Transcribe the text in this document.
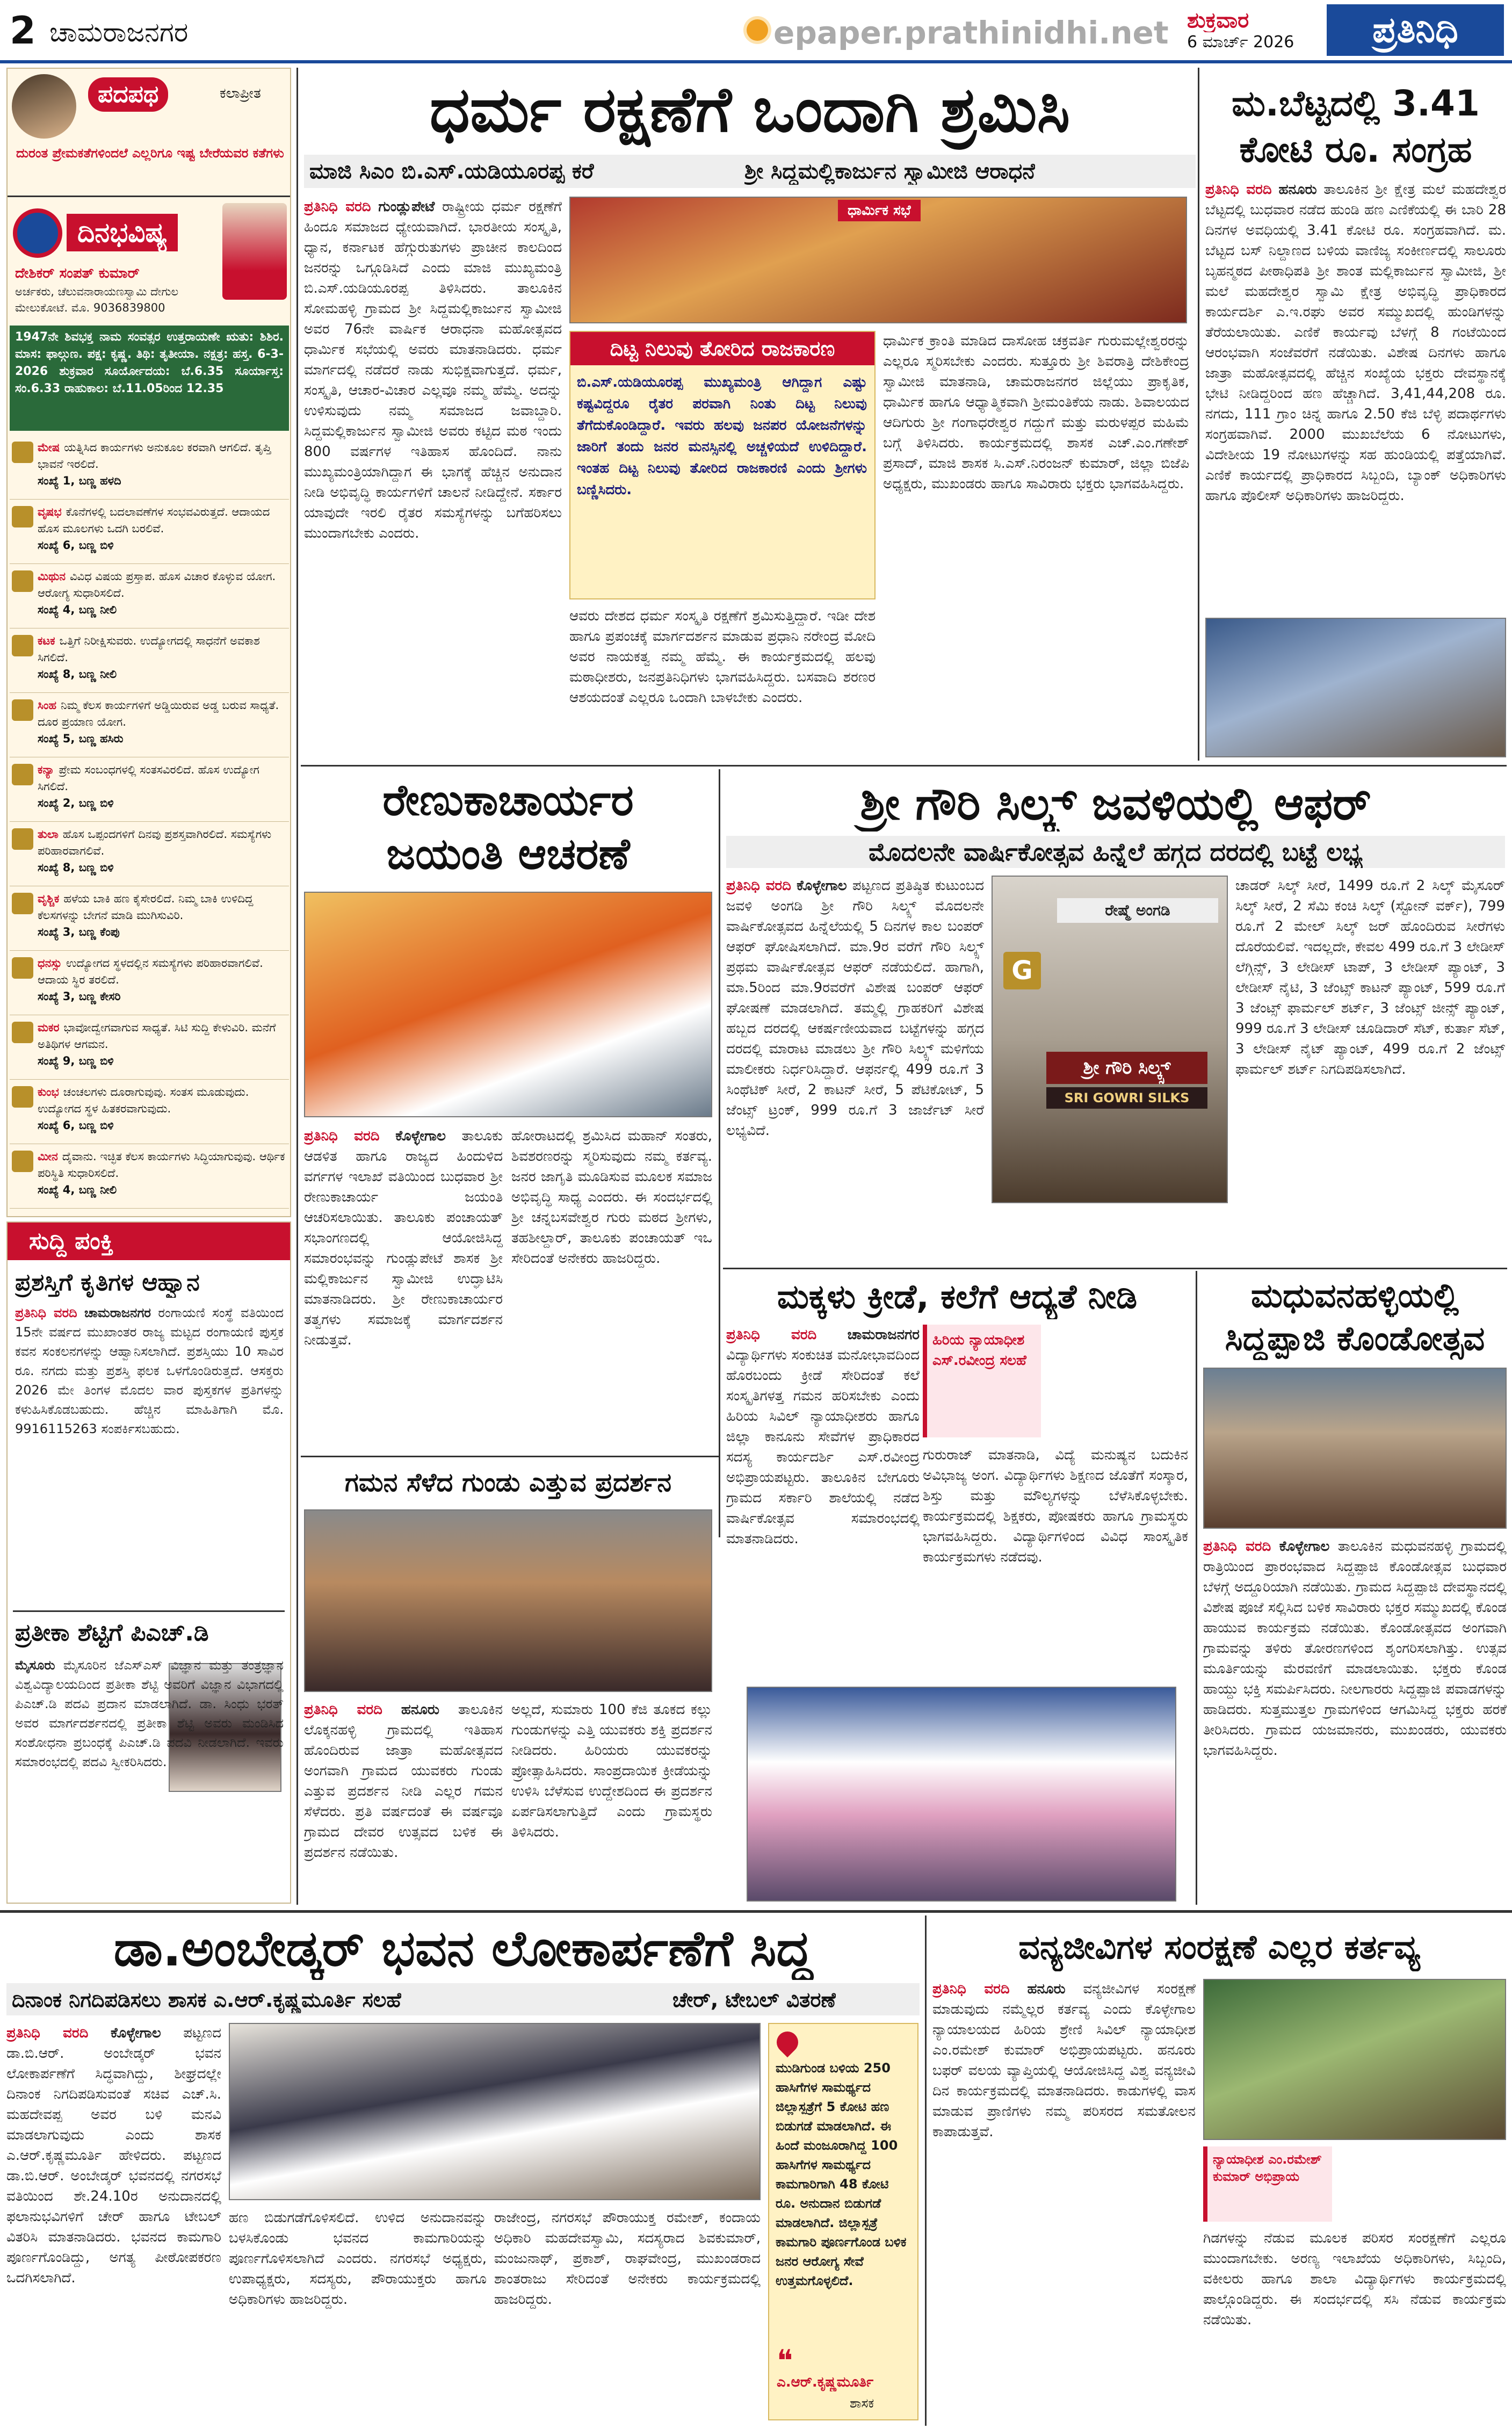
2 ಚಾಮರಾಜನಗರ	epaper.prathinidhi.net ಶುಕ್ರವಾರ
6 ಮಾರ್ಚ್ 2026	ಪ್ರತಿನಿಧಿ
ಪದಪಥ	ಕಲಾಪ್ರೀತ
ದುರಂತ ಪ್ರೇಮಕತೆಗಳಿಂದಲೆ ಎಲ್ಲರಿಗೂ ಇಷ್ಟ ಬೇರೆಯವರ ಕತೆಗಳು
ದಿನಭವಿಷ್ಯ
ದೇಶಿಕರ್ ಸಂಪತ್ ಕುಮಾರ್
ಅರ್ಚಕರು, ಚೆಲುವನಾರಾಯಣಸ್ವಾಮಿ ದೇಗುಲ ಮೇಲುಕೋಟೆ. ಮೊ. 9036839800
1947ನೇ ಶಿವಭಕ್ತ ನಾಮ ಸಂವತ್ಸರ ಉತ್ತರಾಯಣೇ ಋತು: ಶಿಶಿರ. ಮಾಸ: ಫಾಲ್ಗುಣ. ಪಕ್ಷ: ಕೃಷ್ಣ. ತಿಥಿ: ತೃತೀಯಾ. ನಕ್ಷತ್ರ: ಹಸ್ತ. 6-3-2026 ಶುಕ್ರವಾರ ಸೂರ್ಯೋದಯ: ಬೆ.6.35 ಸೂರ್ಯಾಸ್ತ: ಸಂ.6.33 ರಾಹುಕಾಲ: ಬೆ.11.05ರಿಂದ 12.35
ಮೇಷ ಯತ್ನಿಸಿದ ಕಾರ್ಯಗಳು ಅನುಕೂಲ ಕರವಾಗಿ ಆಗಲಿದೆ. ತೃಪ್ತಿ ಭಾವನೆ ಇರಲಿದೆ.
ಸಂಖ್ಯೆ 1, ಬಣ್ಣ ಹಳದಿ
ವೃಷಭ ಕೊನೆಗಳಲ್ಲಿ ಬದಲಾವಣೆಗಳ ಸಂಭವವಿರುತ್ತದೆ. ಆದಾಯದ ಹೊಸ ಮೂಲಗಳು ಒದಗಿ ಬರಲಿವೆ.
ಸಂಖ್ಯೆ 6, ಬಣ್ಣ ಬಿಳಿ
ಮಿಥುನ ವಿವಿಧ ವಿಷಯ ಪ್ರಸ್ತಾಪ. ಹೊಸ ವಿಚಾರ ಕೊಳ್ಳುವ ಯೋಗ. ಆರೋಗ್ಯ ಸುಧಾರಿಸಲಿದೆ.
ಸಂಖ್ಯೆ 4, ಬಣ್ಣ ನೀಲಿ
ಕಟಕ ಒತ್ತಿಗೆ ನಿರೀಕ್ಷಿಸುವರು. ಉದ್ಯೋಗದಲ್ಲಿ ಸಾಧನೆಗೆ ಅವಕಾಶ ಸಿಗಲಿದೆ.
ಸಂಖ್ಯೆ 8, ಬಣ್ಣ ನೀಲಿ
ಸಿಂಹ ನಿಮ್ಮ ಕೆಲಸ ಕಾರ್ಯಗಳಿಗೆ ಅಡ್ಡಿಯಿರುವ ಅಡ್ಡ ಬರುವ ಸಾಧ್ಯತೆ. ದೂರ ಪ್ರಯಾಣ ಯೋಗ.
ಸಂಖ್ಯೆ 5, ಬಣ್ಣ ಹಸಿರು
ಕನ್ಯಾ ಪ್ರೇಮ ಸಂಬಂಧಗಳಲ್ಲಿ ಸಂತಸವಿರಲಿದೆ. ಹೊಸ ಉದ್ಯೋಗ ಸಿಗಲಿದೆ.
ಸಂಖ್ಯೆ 2, ಬಣ್ಣ ಬಿಳಿ
ತುಲಾ ಹೊಸ ಒಪ್ಪಂದಗಳಿಗೆ ದಿನವು ಪ್ರಶಸ್ತವಾಗಿರಲಿದೆ. ಸಮಸ್ಯೆಗಳು ಪರಿಹಾರವಾಗಲಿವೆ.
ಸಂಖ್ಯೆ 8, ಬಣ್ಣ ಬಿಳಿ
ವೃಶ್ಚಿಕ ಹಳೆಯ ಬಾಕಿ ಹಣ ಕೈಸೇರಲಿದೆ. ನಿಮ್ಮ ಬಾಕಿ ಉಳಿದಿದ್ದ ಕೆಲಸಗಳನ್ನು ಬೇಗನೆ ಮಾಡಿ ಮುಗಿಸುವಿರಿ.
ಸಂಖ್ಯೆ 3, ಬಣ್ಣ ಕೆಂಪು
ಧನಸ್ಸು ಉದ್ಯೋಗದ ಸ್ಥಳದಲ್ಲಿನ ಸಮಸ್ಯೆಗಳು ಪರಿಹಾರವಾಗಲಿವೆ. ಆದಾಯ ಸ್ಥಿರ ತರಲಿದೆ.
ಸಂಖ್ಯೆ 3, ಬಣ್ಣ ಕೇಸರಿ
ಮಕರ ಭಾವೋದ್ವೇಗವಾಗುವ ಸಾಧ್ಯತೆ. ಸಿಟಿ ಸುದ್ದಿ ಕೇಳುವಿರಿ. ಮನೆಗೆ ಅತಿಥಿಗಳ ಆಗಮನ.
ಸಂಖ್ಯೆ 9, ಬಣ್ಣ ಬಿಳಿ
ಕುಂಭ ಚಂಚಲಗಳು ದೂರಾಗುವುವು. ಸಂತಸ ಮೂಡುವುದು. ಉದ್ಯೋಗದ ಸ್ಥಳ ಹಿತಕರವಾಗುವುದು.
ಸಂಖ್ಯೆ 6, ಬಣ್ಣ ಬಿಳಿ
ಮೀನ ದೈವಾನು. ಇಚ್ಛಿತ ಕೆಲಸ ಕಾರ್ಯಗಳು ಸಿದ್ಧಿಯಾಗುವುವು. ಆರ್ಥಿಕ ಪರಿಸ್ಥಿತಿ ಸುಧಾರಿಸಲಿದೆ.
ಸಂಖ್ಯೆ 4, ಬಣ್ಣ ನೀಲಿ
ಸುದ್ದಿ ಪಂಕ್ತಿ
ಪ್ರಶಸ್ತಿಗೆ ಕೃತಿಗಳ ಆಹ್ವಾನ
ಪ್ರತಿನಿಧಿ ವರದಿ ಚಾಮರಾಜನಗರ ರಂಗಾಯಣಿ ಸಂಸ್ಥೆ ವತಿಯಿಂದ 15ನೇ ವರ್ಷದ ಮುಖಾಂತರ ರಾಜ್ಯ ಮಟ್ಟದ ರಂಗಾಯಣಿ ಪುಸ್ತಕ ಕವನ ಸಂಕಲನಗಳನ್ನು ಆಹ್ವಾನಿಸಲಾಗಿದೆ. ಪ್ರಶಸ್ತಿಯು 10 ಸಾವಿರ ರೂ. ನಗದು ಮತ್ತು ಪ್ರಶಸ್ತಿ ಫಲಕ ಒಳಗೊಂಡಿರುತ್ತದೆ. ಆಸಕ್ತರು 2026 ಮೇ ತಿಂಗಳ ಮೊದಲ ವಾರ ಪುಸ್ತಕಗಳ ಪ್ರತಿಗಳನ್ನು ಕಳುಹಿಸಿಕೊಡಬಹುದು. ಹೆಚ್ಚಿನ ಮಾಹಿತಿಗಾಗಿ ಮೊ. 9916115263 ಸಂಪರ್ಕಿಸಬಹುದು.
ಪ್ರತೀಕಾ ಶೆಟ್ಟಿಗೆ ಪಿಎಚ್.ಡಿ
ಮೈಸೂರು ಮೈಸೂರಿನ ಜೆಎಸ್ಎಸ್ ವಿಜ್ಞಾನ ಮತ್ತು ತಂತ್ರಜ್ಞಾನ ವಿಶ್ವವಿದ್ಯಾಲಯದಿಂದ ಪ್ರತೀಕಾ ಶೆಟ್ಟಿ ಅವರಿಗೆ ವಿಜ್ಞಾನ ವಿಭಾಗದಲ್ಲಿ ಪಿಎಚ್.ಡಿ ಪದವಿ ಪ್ರದಾನ ಮಾಡಲಾಗಿದೆ. ಡಾ. ಸಿಂಧು ಭರತ್ ಅವರ ಮಾರ್ಗದರ್ಶನದಲ್ಲಿ ಪ್ರತೀಕಾ ಶೆಟ್ಟಿ ಅವರು ಮಂಡಿಸಿದ ಸಂಶೋಧನಾ ಪ್ರಬಂಧಕ್ಕೆ ಪಿಎಚ್.ಡಿ ಪದವಿ ನೀಡಲಾಗಿದೆ. ಇವರು ಸಮಾರಂಭದಲ್ಲಿ ಪದವಿ ಸ್ವೀಕರಿಸಿದರು.
ಧರ್ಮ ರಕ್ಷಣೆಗೆ ಒಂದಾಗಿ ಶ್ರಮಿಸಿ
ಮಾಜಿ ಸಿಎಂ ಬಿ.ಎಸ್.ಯಡಿಯೂರಪ್ಪ ಕರೆ	ಶ್ರೀ ಸಿದ್ದಮಲ್ಲಿಕಾರ್ಜುನ ಸ್ವಾಮೀಜಿ ಆರಾಧನೆ
ಪ್ರತಿನಿಧಿ ವರದಿ ಗುಂಡ್ಲುಪೇಟೆ ರಾಷ್ಟ್ರೀಯ ಧರ್ಮ ರಕ್ಷಣೆಗೆ ಹಿಂದೂ ಸಮಾಜದ ಧ್ಯೇಯವಾಗಿದೆ. ಭಾರತೀಯ ಸಂಸ್ಕೃತಿ, ಧ್ಯಾನ, ಕರ್ನಾಟಕ ಹೆಗ್ಗುರುತುಗಳು ಪ್ರಾಚೀನ ಕಾಲದಿಂದ ಜನರನ್ನು ಒಗ್ಗೂಡಿಸಿದೆ ಎಂದು ಮಾಜಿ ಮುಖ್ಯಮಂತ್ರಿ ಬಿ.ಎಸ್.ಯಡಿಯೂರಪ್ಪ ತಿಳಿಸಿದರು. ತಾಲೂಕಿನ ಸೋಮಹಳ್ಳಿ ಗ್ರಾಮದ ಶ್ರೀ ಸಿದ್ದಮಲ್ಲಿಕಾರ್ಜುನ ಸ್ವಾಮೀಜಿ ಅವರ 76ನೇ ವಾರ್ಷಿಕ ಆರಾಧನಾ ಮಹೋತ್ಸವದ ಧಾರ್ಮಿಕ ಸಭೆಯಲ್ಲಿ ಅವರು ಮಾತನಾಡಿದರು. ಧರ್ಮ ಮಾರ್ಗದಲ್ಲಿ ನಡೆದರೆ ನಾಡು ಸುಭಿಕ್ಷವಾಗುತ್ತದೆ. ಧರ್ಮ, ಸಂಸ್ಕೃತಿ, ಆಚಾರ-ವಿಚಾರ ಎಲ್ಲವೂ ನಮ್ಮ ಹೆಮ್ಮೆ. ಅದನ್ನು ಉಳಿಸುವುದು ನಮ್ಮ ಸಮಾಜದ ಜವಾಬ್ದಾರಿ. ಸಿದ್ದಮಲ್ಲಿಕಾರ್ಜುನ ಸ್ವಾಮೀಜಿ ಅವರು ಕಟ್ಟಿದ ಮಠ ಇಂದು 800 ವರ್ಷಗಳ ಇತಿಹಾಸ ಹೊಂದಿದೆ. ನಾನು ಮುಖ್ಯಮಂತ್ರಿಯಾಗಿದ್ದಾಗ ಈ ಭಾಗಕ್ಕೆ ಹೆಚ್ಚಿನ ಅನುದಾನ ನೀಡಿ ಅಭಿವೃದ್ಧಿ ಕಾರ್ಯಗಳಿಗೆ ಚಾಲನೆ ನೀಡಿದ್ದೇನೆ. ಸರ್ಕಾರ ಯಾವುದೇ ಇರಲಿ ರೈತರ ಸಮಸ್ಯೆಗಳನ್ನು ಬಗೆಹರಿಸಲು ಮುಂದಾಗಬೇಕು ಎಂದರು.
ಧಾರ್ಮಿಕ ಸಭೆ
ದಿಟ್ಟ ನಿಲುವು ತೋರಿದ ರಾಜಕಾರಣ
ಬಿ.ಎಸ್.ಯಡಿಯೂರಪ್ಪ ಮುಖ್ಯಮಂತ್ರಿ ಆಗಿದ್ದಾಗ ಎಷ್ಟು ಕಷ್ಟವಿದ್ದರೂ ರೈತರ ಪರವಾಗಿ ನಿಂತು ದಿಟ್ಟ ನಿಲುವು ತೆಗೆದುಕೊಂಡಿದ್ದಾರೆ. ಇವರು ಹಲವು ಜನಪರ ಯೋಜನೆಗಳನ್ನು ಜಾರಿಗೆ ತಂದು ಜನರ ಮನಸ್ಸಿನಲ್ಲಿ ಅಚ್ಚಳಿಯದೆ ಉಳಿದಿದ್ದಾರೆ. ಇಂತಹ ದಿಟ್ಟ ನಿಲುವು ತೋರಿದ ರಾಜಕಾರಣಿ ಎಂದು ಶ್ರೀಗಳು ಬಣ್ಣಿಸಿದರು.
ಆವರು ದೇಶದ ಧರ್ಮ ಸಂಸ್ಕೃತಿ ರಕ್ಷಣೆಗೆ ಶ್ರಮಿಸುತ್ತಿದ್ದಾರೆ. ಇಡೀ ದೇಶ ಹಾಗೂ ಪ್ರಪಂಚಕ್ಕೆ ಮಾರ್ಗದರ್ಶನ ಮಾಡುವ ಪ್ರಧಾನಿ ನರೇಂದ್ರ ಮೋದಿ ಅವರ ನಾಯಕತ್ವ ನಮ್ಮ ಹೆಮ್ಮೆ. ಈ ಕಾರ್ಯಕ್ರಮದಲ್ಲಿ ಹಲವು ಮಠಾಧೀಶರು, ಜನಪ್ರತಿನಿಧಿಗಳು ಭಾಗವಹಿಸಿದ್ದರು. ಬಸವಾದಿ ಶರಣರ ಆಶಯದಂತೆ ಎಲ್ಲರೂ ಒಂದಾಗಿ ಬಾಳಬೇಕು ಎಂದರು.
ಧಾರ್ಮಿಕ ಕ್ರಾಂತಿ ಮಾಡಿದ ದಾಸೋಹ ಚಕ್ರವರ್ತಿ ಗುರುಮಲ್ಲೇಶ್ವರರನ್ನು ಎಲ್ಲರೂ ಸ್ಮರಿಸಬೇಕು ಎಂದರು. ಸುತ್ತೂರು ಶ್ರೀ ಶಿವರಾತ್ರಿ ದೇಶಿಕೇಂದ್ರ ಸ್ವಾಮೀಜಿ ಮಾತನಾಡಿ, ಚಾಮರಾಜನಗರ ಜಿಲ್ಲೆಯು ಪ್ರಾಕೃತಿಕ, ಧಾರ್ಮಿಕ ಹಾಗೂ ಆಧ್ಯಾತ್ಮಿಕವಾಗಿ ಶ್ರೀಮಂತಿಕೆಯ ನಾಡು. ಶಿವಾಲಯದ ಆದಿಗುರು ಶ್ರೀ ಗಂಗಾಧರೇಶ್ವರ ಗದ್ದುಗೆ ಮತ್ತು ಮರುಳಪ್ಪರ ಮಹಿಮೆ ಬಗ್ಗೆ ತಿಳಿಸಿದರು. ಕಾರ್ಯಕ್ರಮದಲ್ಲಿ ಶಾಸಕ ಎಚ್.ಎಂ.ಗಣೇಶ್ ಪ್ರಸಾದ್, ಮಾಜಿ ಶಾಸಕ ಸಿ.ಎಸ್.ನಿರಂಜನ್ ಕುಮಾರ್, ಜಿಲ್ಲಾ ಬಿಜೆಪಿ ಅಧ್ಯಕ್ಷರು, ಮುಖಂಡರು ಹಾಗೂ ಸಾವಿರಾರು ಭಕ್ತರು ಭಾಗವಹಿಸಿದ್ದರು.
ಮ.ಬೆಟ್ಟದಲ್ಲಿ 3.41
ಕೋಟಿ ರೂ. ಸಂಗ್ರಹ
ಪ್ರತಿನಿಧಿ ವರದಿ ಹನೂರು ತಾಲೂಕಿನ ಶ್ರೀ ಕ್ಷೇತ್ರ ಮಲೆ ಮಹದೇಶ್ವರ ಬೆಟ್ಟದಲ್ಲಿ ಬುಧವಾರ ನಡೆದ ಹುಂಡಿ ಹಣ ಎಣಿಕೆಯಲ್ಲಿ ಈ ಬಾರಿ 28 ದಿನಗಳ ಅವಧಿಯಲ್ಲಿ 3.41 ಕೋಟಿ ರೂ. ಸಂಗ್ರಹವಾಗಿದೆ. ಮ. ಬೆಟ್ಟದ ಬಸ್ ನಿಲ್ದಾಣದ ಬಳಿಯ ವಾಣಿಜ್ಯ ಸಂಕೀರ್ಣದಲ್ಲಿ ಸಾಲೂರು ಬೃಹನ್ಮಠದ ಪೀಠಾಧಿಪತಿ ಶ್ರೀ ಶಾಂತ ಮಲ್ಲಿಕಾರ್ಜುನ ಸ್ವಾಮೀಜಿ, ಶ್ರೀ ಮಲೆ ಮಹದೇಶ್ವರ ಸ್ವಾಮಿ ಕ್ಷೇತ್ರ ಅಭಿವೃದ್ಧಿ ಪ್ರಾಧಿಕಾರದ ಕಾರ್ಯದರ್ಶಿ ಎ.ಇ.ರಘು ಅವರ ಸಮ್ಮುಖದಲ್ಲಿ ಹುಂಡಿಗಳನ್ನು ತೆರೆಯಲಾಯಿತು. ಎಣಿಕೆ ಕಾರ್ಯವು ಬೆಳಗ್ಗೆ 8 ಗಂಟೆಯಿಂದ ಆರಂಭವಾಗಿ ಸಂಜೆವರೆಗೆ ನಡೆಯಿತು. ವಿಶೇಷ ದಿನಗಳು ಹಾಗೂ ಜಾತ್ರಾ ಮಹೋತ್ಸವದಲ್ಲಿ ಹೆಚ್ಚಿನ ಸಂಖ್ಯೆಯ ಭಕ್ತರು ದೇವಸ್ಥಾನಕ್ಕೆ ಭೇಟಿ ನೀಡಿದ್ದರಿಂದ ಹಣ ಹೆಚ್ಚಾಗಿದೆ. 3,41,44,208 ರೂ. ನಗದು, 111 ಗ್ರಾಂ ಚಿನ್ನ ಹಾಗೂ 2.50 ಕೆಜಿ ಬೆಳ್ಳಿ ಪದಾರ್ಥಗಳು ಸಂಗ್ರಹವಾಗಿವೆ. 2000 ಮುಖಬೆಲೆಯ 6 ನೋಟುಗಳು, ವಿದೇಶೀಯ 19 ನೋಟುಗಳನ್ನು ಸಹ ಹುಂಡಿಯಲ್ಲಿ ಪತ್ತೆಯಾಗಿವೆ. ಎಣಿಕೆ ಕಾರ್ಯದಲ್ಲಿ ಪ್ರಾಧಿಕಾರದ ಸಿಬ್ಬಂದಿ, ಬ್ಯಾಂಕ್ ಅಧಿಕಾರಿಗಳು ಹಾಗೂ ಪೊಲೀಸ್ ಅಧಿಕಾರಿಗಳು ಹಾಜರಿದ್ದರು.
ರೇಣುಕಾಚಾರ್ಯರ
ಜಯಂತಿ ಆಚರಣೆ
ಪ್ರತಿನಿಧಿ ವರದಿ ಕೊಳ್ಳೇಗಾಲ ತಾಲೂಕು ಆಡಳಿತ ಹಾಗೂ ರಾಜ್ಯದ ಹಿಂದುಳಿದ ವರ್ಗಗಳ ಇಲಾಖೆ ವತಿಯಿಂದ ಬುಧವಾರ ಶ್ರೀ ರೇಣುಕಾಚಾರ್ಯ ಜಯಂತಿ ಆಚರಿಸಲಾಯಿತು. ತಾಲೂಕು ಪಂಚಾಯತ್ ಸಭಾಂಗಣದಲ್ಲಿ ಆಯೋಜಿಸಿದ್ದ ಸಮಾರಂಭವನ್ನು ಗುಂಡ್ಲುಪೇಟೆ ಶಾಸಕ ಶ್ರೀ ಮಲ್ಲಿಕಾರ್ಜುನ ಸ್ವಾಮೀಜಿ ಉದ್ಘಾಟಿಸಿ ಮಾತನಾಡಿದರು. ಶ್ರೀ ರೇಣುಕಾಚಾರ್ಯರ ತತ್ವಗಳು ಸಮಾಜಕ್ಕೆ ಮಾರ್ಗದರ್ಶನ ನೀಡುತ್ತವೆ.
ಹೋರಾಟದಲ್ಲಿ ಶ್ರಮಿಸಿದ ಮಹಾನ್ ಸಂತರು, ಶಿವಶರಣರನ್ನು ಸ್ಮರಿಸುವುದು ನಮ್ಮ ಕರ್ತವ್ಯ. ಜನರ ಜಾಗೃತಿ ಮೂಡಿಸುವ ಮೂಲಕ ಸಮಾಜ ಅಭಿವೃದ್ಧಿ ಸಾಧ್ಯ ಎಂದರು. ಈ ಸಂದರ್ಭದಲ್ಲಿ ಶ್ರೀ ಚನ್ನಬಸವೇಶ್ವರ ಗುರು ಮಠದ ಶ್ರೀಗಳು, ತಹಶೀಲ್ದಾರ್, ತಾಲೂಕು ಪಂಚಾಯತ್ ಇಒ ಸೇರಿದಂತೆ ಅನೇಕರು ಹಾಜರಿದ್ದರು.
ಶ್ರೀ ಗೌರಿ ಸಿಲ್ಕ್ಸ್ ಜವಳಿಯಲ್ಲಿ ಆಫರ್
ಮೊದಲನೇ ವಾರ್ಷಿಕೋತ್ಸವ ಹಿನ್ನೆಲೆ ಹಗ್ಗದ ದರದಲ್ಲಿ ಬಟ್ಟೆ ಲಭ್ಯ
ಪ್ರತಿನಿಧಿ ವರದಿ ಕೊಳ್ಳೇಗಾಲ ಪಟ್ಟಣದ ಪ್ರತಿಷ್ಠಿತ ಕುಟುಂಬದ ಜವಳಿ ಅಂಗಡಿ ಶ್ರೀ ಗೌರಿ ಸಿಲ್ಕ್ಸ್ ಮೊದಲನೇ ವಾರ್ಷಿಕೋತ್ಸವದ ಹಿನ್ನೆಲೆಯಲ್ಲಿ 5 ದಿನಗಳ ಕಾಲ ಬಂಪರ್ ಆಫರ್ ಘೋಷಿಸಲಾಗಿದೆ. ಮಾ.9ರ ವರೆಗೆ ಗೌರಿ ಸಿಲ್ಕ್ಸ್ ಪ್ರಥಮ ವಾರ್ಷಿಕೋತ್ಸವ ಆಫರ್ ನಡೆಯಲಿದೆ. ಹಾಗಾಗಿ, ಮಾ.5ರಿಂದ ಮಾ.9ರವರೆಗೆ ವಿಶೇಷ ಬಂಪರ್ ಆಫರ್ ಘೋಷಣೆ ಮಾಡಲಾಗಿದೆ. ತಮ್ಮಲ್ಲಿ ಗ್ರಾಹಕರಿಗೆ ವಿಶೇಷ ಹಬ್ಬದ ದರದಲ್ಲಿ ಆಕರ್ಷಣೀಯವಾದ ಬಟ್ಟೆಗಳನ್ನು ಹಗ್ಗದ ದರದಲ್ಲಿ ಮಾರಾಟ ಮಾಡಲು ಶ್ರೀ ಗೌರಿ ಸಿಲ್ಕ್ಸ್ ಮಳಿಗೆಯ ಮಾಲೀಕರು ನಿರ್ಧರಿಸಿದ್ದಾರೆ. ಆಫರ್ನಲ್ಲಿ 499 ರೂ.ಗೆ 3 ಸಿಂಥೆಟಿಕ್ ಸೀರೆ, 2 ಕಾಟನ್ ಸೀರೆ, 5 ಪೆಟಿಕೋಟ್, 5 ಜೆಂಟ್ಸ್ ಟ್ರಂಕ್, 999 ರೂ.ಗೆ 3 ಜಾರ್ಜೆಟ್ ಸೀರೆ ಲಭ್ಯವಿದೆ.
ರೇಷ್ಮೆ ಅಂಗಡಿ
G
ಶ್ರೀ ಗೌರಿ ಸಿಲ್ಕ್ಸ್
SRI GOWRI SILKS
ಚಾಡರ್ ಸಿಲ್ಕ್ ಸೀರೆ, 1499 ರೂ.ಗೆ 2 ಸಿಲ್ಕ್ ಮೈಸೂರ್ ಸಿಲ್ಕ್ ಸೀರೆ, 2 ಸೆಮಿ ಕಂಚಿ ಸಿಲ್ಕ್ (ಸ್ಟೋನ್ ವರ್ಕ್), 799 ರೂ.ಗೆ 2 ಮೇಲ್ ಸಿಲ್ಕ್ ಜರ್ ಹೊಂದಿರುವ ಸೀರೆಗಳು ದೊರೆಯಲಿವೆ. ಇದಲ್ಲದೇ, ಕೇವಲ 499 ರೂ.ಗೆ 3 ಲೇಡೀಸ್ ಲೆಗ್ಗಿನ್ಸ್, 3 ಲೇಡೀಸ್ ಟಾಪ್, 3 ಲೇಡೀಸ್ ಪ್ಯಾಂಟ್, 3 ಲೇಡೀಸ್ ನೈಟಿ, 3 ಜೆಂಟ್ಸ್ ಕಾಟನ್ ಪ್ಯಾಂಟ್, 599 ರೂ.ಗೆ 3 ಜೆಂಟ್ಸ್ ಫಾರ್ಮಲ್ ಶರ್ಟ್, 3 ಜೆಂಟ್ಸ್ ಜೀನ್ಸ್ ಪ್ಯಾಂಟ್, 999 ರೂ.ಗೆ 3 ಲೇಡೀಸ್ ಚೂಡಿದಾರ್ ಸೆಟ್, ಕುರ್ತಾ ಸೆಟ್, 3 ಲೇಡೀಸ್ ನೈಟ್ ಪ್ಯಾಂಟ್, 499 ರೂ.ಗೆ 2 ಜೆಂಟ್ಸ್ ಫಾರ್ಮಲ್ ಶರ್ಟ್ ನಿಗದಿಪಡಿಸಲಾಗಿದೆ.
ಮಕ್ಕಳು ಕ್ರೀಡೆ, ಕಲೆಗೆ ಆದ್ಯತೆ ನೀಡಿ
ಪ್ರತಿನಿಧಿ ವರದಿ ಚಾಮರಾಜನಗರ ವಿದ್ಯಾರ್ಥಿಗಳು ಸಂಕುಚಿತ ಮನೋಭಾವದಿಂದ ಹೊರಬಂದು ಕ್ರೀಡೆ ಸೇರಿದಂತೆ ಕಲೆ ಸಂಸ್ಕೃತಿಗಳತ್ತ ಗಮನ ಹರಿಸಬೇಕು ಎಂದು ಹಿರಿಯ ಸಿವಿಲ್ ನ್ಯಾಯಾಧೀಶರು ಹಾಗೂ ಜಿಲ್ಲಾ ಕಾನೂನು ಸೇವೆಗಳ ಪ್ರಾಧಿಕಾರದ ಸದಸ್ಯ ಕಾರ್ಯದರ್ಶಿ ಎಸ್.ರವೀಂದ್ರ ಅಭಿಪ್ರಾಯಪಟ್ಟರು. ತಾಲೂಕಿನ ಬೇಗೂರು ಗ್ರಾಮದ ಸರ್ಕಾರಿ ಶಾಲೆಯಲ್ಲಿ ನಡೆದ ವಾರ್ಷಿಕೋತ್ಸವ ಸಮಾರಂಭದಲ್ಲಿ ಮಾತನಾಡಿದರು.
ಹಿರಿಯ ನ್ಯಾಯಾಧೀಶ ಎಸ್.ರವೀಂದ್ರ ಸಲಹೆ
ಗುರುರಾಜ್ ಮಾತನಾಡಿ, ವಿದ್ಯೆ ಮನುಷ್ಯನ ಬದುಕಿನ ಅವಿಭಾಜ್ಯ ಅಂಗ. ವಿದ್ಯಾರ್ಥಿಗಳು ಶಿಕ್ಷಣದ ಜೊತೆಗೆ ಸಂಸ್ಕಾರ, ಶಿಸ್ತು ಮತ್ತು ಮೌಲ್ಯಗಳನ್ನು ಬೆಳೆಸಿಕೊಳ್ಳಬೇಕು. ಕಾರ್ಯಕ್ರಮದಲ್ಲಿ ಶಿಕ್ಷಕರು, ಪೋಷಕರು ಹಾಗೂ ಗ್ರಾಮಸ್ಥರು ಭಾಗವಹಿಸಿದ್ದರು. ವಿದ್ಯಾರ್ಥಿಗಳಿಂದ ವಿವಿಧ ಸಾಂಸ್ಕೃತಿಕ ಕಾರ್ಯಕ್ರಮಗಳು ನಡೆದವು.
ಮಧುವನಹಳ್ಳಿಯಲ್ಲಿ
ಸಿದ್ದಪ್ಪಾಜಿ ಕೊಂಡೋತ್ಸವ
ಪ್ರತಿನಿಧಿ ವರದಿ ಕೊಳ್ಳೇಗಾಲ ತಾಲೂಕಿನ ಮಧುವನಹಳ್ಳಿ ಗ್ರಾಮದಲ್ಲಿ ರಾತ್ರಿಯಿಂದ ಪ್ರಾರಂಭವಾದ ಸಿದ್ದಪ್ಪಾಜಿ ಕೊಂಡೋತ್ಸವ ಬುಧವಾರ ಬೆಳಗ್ಗೆ ಅದ್ದೂರಿಯಾಗಿ ನಡೆಯಿತು. ಗ್ರಾಮದ ಸಿದ್ದಪ್ಪಾಜಿ ದೇವಸ್ಥಾನದಲ್ಲಿ ವಿಶೇಷ ಪೂಜೆ ಸಲ್ಲಿಸಿದ ಬಳಿಕ ಸಾವಿರಾರು ಭಕ್ತರ ಸಮ್ಮುಖದಲ್ಲಿ ಕೊಂಡ ಹಾಯುವ ಕಾರ್ಯಕ್ರಮ ನಡೆಯಿತು. ಕೊಂಡೋತ್ಸವದ ಅಂಗವಾಗಿ ಗ್ರಾಮವನ್ನು ತಳಿರು ತೋರಣಗಳಿಂದ ಶೃಂಗರಿಸಲಾಗಿತ್ತು. ಉತ್ಸವ ಮೂರ್ತಿಯನ್ನು ಮೆರವಣಿಗೆ ಮಾಡಲಾಯಿತು. ಭಕ್ತರು ಕೊಂಡ ಹಾಯ್ದು ಭಕ್ತಿ ಸಮರ್ಪಿಸಿದರು. ನೀಲಗಾರರು ಸಿದ್ದಪ್ಪಾಜಿ ಪವಾಡಗಳನ್ನು ಹಾಡಿದರು. ಸುತ್ತಮುತ್ತಲ ಗ್ರಾಮಗಳಿಂದ ಆಗಮಿಸಿದ್ದ ಭಕ್ತರು ಹರಕೆ ತೀರಿಸಿದರು. ಗ್ರಾಮದ ಯಜಮಾನರು, ಮುಖಂಡರು, ಯುವಕರು ಭಾಗವಹಿಸಿದ್ದರು.
ಗಮನ ಸೆಳೆದ ಗುಂಡು ಎತ್ತುವ ಪ್ರದರ್ಶನ
ಪ್ರತಿನಿಧಿ ವರದಿ ಹನೂರು ತಾಲೂಕಿನ ಲೊಕ್ಕನಹಳ್ಳಿ ಗ್ರಾಮದಲ್ಲಿ ಇತಿಹಾಸ ಹೊಂದಿರುವ ಜಾತ್ರಾ ಮಹೋತ್ಸವದ ಅಂಗವಾಗಿ ಗ್ರಾಮದ ಯುವಕರು ಗುಂಡು ಎತ್ತುವ ಪ್ರದರ್ಶನ ನೀಡಿ ಎಲ್ಲರ ಗಮನ ಸೆಳೆದರು. ಪ್ರತಿ ವರ್ಷದಂತೆ ಈ ವರ್ಷವೂ ಗ್ರಾಮದ ದೇವರ ಉತ್ಸವದ ಬಳಿಕ ಈ ಪ್ರದರ್ಶನ ನಡೆಯಿತು.
ಅಲ್ಲದೆ, ಸುಮಾರು 100 ಕೆಜಿ ತೂಕದ ಕಲ್ಲು ಗುಂಡುಗಳನ್ನು ಎತ್ತಿ ಯುವಕರು ಶಕ್ತಿ ಪ್ರದರ್ಶನ ನೀಡಿದರು. ಹಿರಿಯರು ಯುವಕರನ್ನು ಪ್ರೋತ್ಸಾಹಿಸಿದರು. ಸಾಂಪ್ರದಾಯಿಕ ಕ್ರೀಡೆಯನ್ನು ಉಳಿಸಿ ಬೆಳೆಸುವ ಉದ್ದೇಶದಿಂದ ಈ ಪ್ರದರ್ಶನ ಏರ್ಪಡಿಸಲಾಗುತ್ತಿದೆ ಎಂದು ಗ್ರಾಮಸ್ಥರು ತಿಳಿಸಿದರು.
ಡಾ.ಅಂಬೇಡ್ಕರ್ ಭವನ ಲೋಕಾರ್ಪಣೆಗೆ ಸಿದ್ಧ
ದಿನಾಂಕ ನಿಗದಿಪಡಿಸಲು ಶಾಸಕ ಎ.ಆರ್.ಕೃಷ್ಣಮೂರ್ತಿ ಸಲಹೆ	ಚೇರ್, ಟೇಬಲ್ ವಿತರಣೆ
ಪ್ರತಿನಿಧಿ ವರದಿ ಕೊಳ್ಳೇಗಾಲ ಪಟ್ಟಣದ ಡಾ.ಬಿ.ಆರ್. ಅಂಬೇಡ್ಕರ್ ಭವನ ಲೋಕಾರ್ಪಣೆಗೆ ಸಿದ್ಧವಾಗಿದ್ದು, ಶೀಘ್ರದಲ್ಲೇ ದಿನಾಂಕ ನಿಗದಿಪಡಿಸುವಂತೆ ಸಚಿವ ಎಚ್.ಸಿ. ಮಹದೇವಪ್ಪ ಅವರ ಬಳಿ ಮನವಿ ಮಾಡಲಾಗುವುದು ಎಂದು ಶಾಸಕ ಎ.ಆರ್.ಕೃಷ್ಣಮೂರ್ತಿ ಹೇಳಿದರು. ಪಟ್ಟಣದ ಡಾ.ಬಿ.ಆರ್. ಅಂಬೇಡ್ಕರ್ ಭವನದಲ್ಲಿ ನಗರಸಭೆ ವತಿಯಿಂದ ಶೇ.24.10ರ ಅನುದಾನದಲ್ಲಿ ಫಲಾನುಭವಿಗಳಿಗೆ ಚೇರ್ ಹಾಗೂ ಟೇಬಲ್ ವಿತರಿಸಿ ಮಾತನಾಡಿದರು. ಭವನದ ಕಾಮಗಾರಿ ಪೂರ್ಣಗೊಂಡಿದ್ದು, ಅಗತ್ಯ ಪೀಠೋಪಕರಣ ಒದಗಿಸಲಾಗಿದೆ.
ಹಣ ಬಿಡುಗಡೆಗೊಳಿಸಲಿದೆ. ಉಳಿದ ಅನುದಾನವನ್ನು ಬಳಸಿಕೊಂಡು ಭವನದ ಕಾಮಗಾರಿಯನ್ನು ಪೂರ್ಣಗೊಳಿಸಲಾಗಿದೆ ಎಂದರು. ನಗರಸಭೆ ಅಧ್ಯಕ್ಷರು, ಉಪಾಧ್ಯಕ್ಷರು, ಸದಸ್ಯರು, ಪೌರಾಯುಕ್ತರು ಹಾಗೂ ಅಧಿಕಾರಿಗಳು ಹಾಜರಿದ್ದರು.
ರಾಜೇಂದ್ರ, ನಗರಸಭೆ ಪೌರಾಯುಕ್ತ ರಮೇಶ್, ಕಂದಾಯ ಅಧಿಕಾರಿ ಮಹದೇವಸ್ವಾಮಿ, ಸದಸ್ಯರಾದ ಶಿವಕುಮಾರ್, ಮಂಜುನಾಥ್, ಪ್ರಕಾಶ್, ರಾಘವೇಂದ್ರ, ಮುಖಂಡರಾದ ಶಾಂತರಾಜು ಸೇರಿದಂತೆ ಅನೇಕರು ಕಾರ್ಯಕ್ರಮದಲ್ಲಿ ಹಾಜರಿದ್ದರು.
ಮುಡಿಗುಂಡ ಬಳಿಯ 250 ಹಾಸಿಗೆಗಳ ಸಾಮರ್ಥ್ಯದ ಜಿಲ್ಲಾಸ್ಪತ್ರೆಗೆ 5 ಕೋಟಿ ಹಣ ಬಿಡುಗಡೆ ಮಾಡಲಾಗಿದೆ. ಈ ಹಿಂದೆ ಮಂಜೂರಾಗಿದ್ದ 100 ಹಾಸಿಗೆಗಳ ಸಾಮರ್ಥ್ಯದ ಕಾಮಗಾರಿಗಾಗಿ 48 ಕೋಟಿ ರೂ. ಅನುದಾನ ಬಿಡುಗಡೆ ಮಾಡಲಾಗಿದೆ. ಜಿಲ್ಲಾಸ್ಪತ್ರೆ ಕಾಮಗಾರಿ ಪೂರ್ಣಗೊಂಡ ಬಳಿಕ ಜನರ ಆರೋಗ್ಯ ಸೇವೆ ಉತ್ತಮಗೊಳ್ಳಲಿದೆ.
❝
ಎ.ಆರ್.ಕೃಷ್ಣಮೂರ್ತಿ
ಶಾಸಕ
ವನ್ಯಜೀವಿಗಳ ಸಂರಕ್ಷಣೆ ಎಲ್ಲರ ಕರ್ತವ್ಯ
ಪ್ರತಿನಿಧಿ ವರದಿ ಹನೂರು ವನ್ಯಜೀವಿಗಳ ಸಂರಕ್ಷಣೆ ಮಾಡುವುದು ನಮ್ಮೆಲ್ಲರ ಕರ್ತವ್ಯ ಎಂದು ಕೊಳ್ಳೇಗಾಲ ನ್ಯಾಯಾಲಯದ ಹಿರಿಯ ಶ್ರೇಣಿ ಸಿವಿಲ್ ನ್ಯಾಯಾಧೀಶ ಎಂ.ರಮೇಶ್ ಕುಮಾರ್ ಅಭಿಪ್ರಾಯಪಟ್ಟರು. ಹನೂರು ಬಫರ್ ವಲಯ ವ್ಯಾಪ್ತಿಯಲ್ಲಿ ಆಯೋಜಿಸಿದ್ದ ವಿಶ್ವ ವನ್ಯಜೀವಿ ದಿನ ಕಾರ್ಯಕ್ರಮದಲ್ಲಿ ಮಾತನಾಡಿದರು. ಕಾಡುಗಳಲ್ಲಿ ವಾಸ ಮಾಡುವ ಪ್ರಾಣಿಗಳು ನಮ್ಮ ಪರಿಸರದ ಸಮತೋಲನ ಕಾಪಾಡುತ್ತವೆ.
ನ್ಯಾಯಾಧೀಶ ಎಂ.ರಮೇಶ್ ಕುಮಾರ್ ಅಭಿಪ್ರಾಯ
ಗಿಡಗಳನ್ನು ನೆಡುವ ಮೂಲಕ ಪರಿಸರ ಸಂರಕ್ಷಣೆಗೆ ಎಲ್ಲರೂ ಮುಂದಾಗಬೇಕು. ಅರಣ್ಯ ಇಲಾಖೆಯ ಅಧಿಕಾರಿಗಳು, ಸಿಬ್ಬಂದಿ, ವಕೀಲರು ಹಾಗೂ ಶಾಲಾ ವಿದ್ಯಾರ್ಥಿಗಳು ಕಾರ್ಯಕ್ರಮದಲ್ಲಿ ಪಾಲ್ಗೊಂಡಿದ್ದರು. ಈ ಸಂದರ್ಭದಲ್ಲಿ ಸಸಿ ನೆಡುವ ಕಾರ್ಯಕ್ರಮ ನಡೆಯಿತು.
